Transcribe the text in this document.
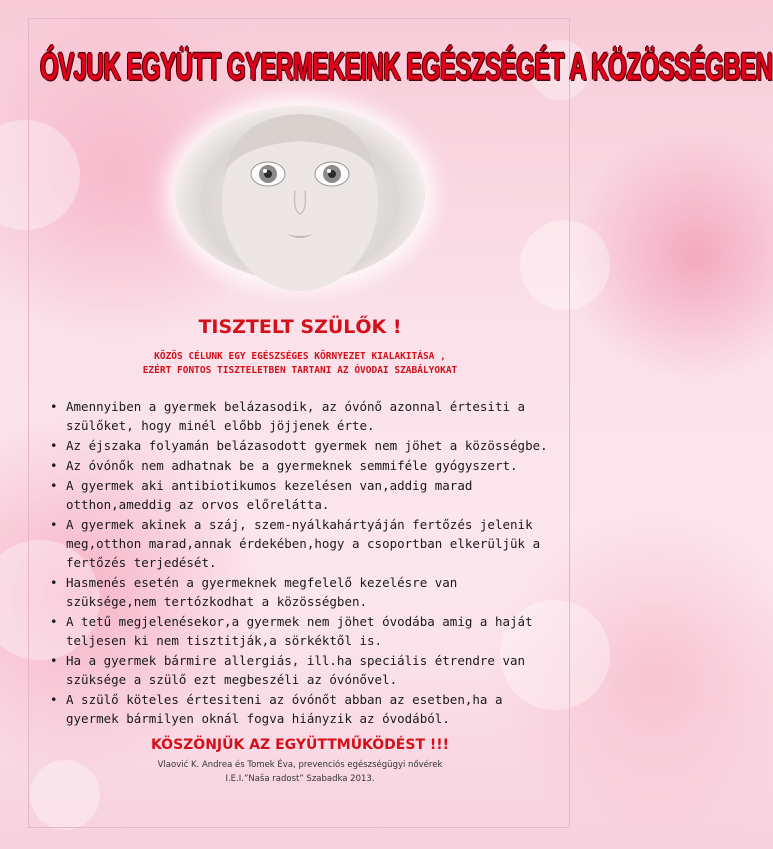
ÓVJUK EGYÜTT GYERMEKEINK EGÉSZSÉGÉT A KÖZÖSSÉGBEN
TISZTELT SZÜLŐK !
KÖZÖS CÉLUNK EGY EGÉSZSÉGES KÖRNYEZET KIALAKITÁSA ,
EZÉRT FONTOS TISZTELETBEN TARTANI AZ ÓVODAI SZABÁLYOKAT
• Amennyiben a gyermek belázasodik, az óvónő azonnal értesiti a szülőket, hogy minél előbb jöjjenek érte.
• Az éjszaka folyamán belázasodott gyermek nem jöhet a közösségbe.
• Az óvónők nem adhatnak be a gyermeknek semmiféle gyógyszert.
• A gyermek aki antibiotikumos kezelésen van,addig marad otthon,ameddig az orvos előrelátta.
• A gyermek akinek a száj, szem-nyálkahártyáján fertőzés jelenik meg,otthon marad,annak érdekében,hogy a csoportban elkerüljük a fertőzés terjedését.
• Hasmenés esetén a gyermeknek megfelelő kezelésre van szüksége,nem tertózkodhat a közösségben.
• A tetű megjelenésekor,a gyermek nem jöhet óvodába amig a haját teljesen ki nem tisztitják,a sörkéktől is.
• Ha a gyermek bármire allergiás, ill.ha speciális étrendre van szüksége a szülő ezt megbeszéli az óvónővel.
• A szülő köteles értesiteni az óvónőt abban az esetben,ha a gyermek bármilyen oknál fogva hiányzik az óvodából.
KÖSZÖNJÜK AZ EGYÜTTMŰKÖDÉST !!!
Vlaović K. Andrea és Tomek Éva, prevenciós egészségügyi nővérek
I.E.I.”Naša radost” Szabadka 2013.
